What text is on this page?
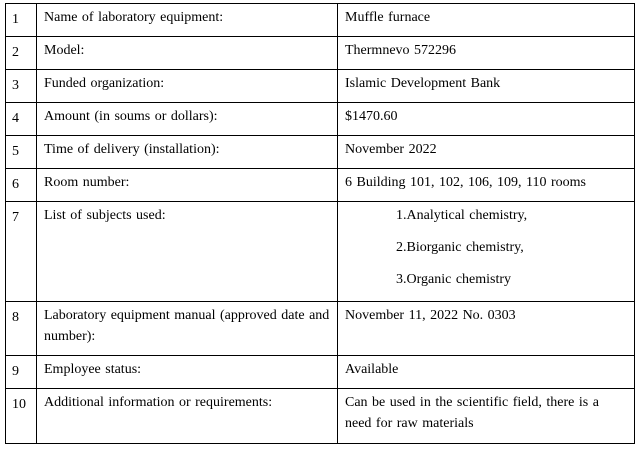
1	Name of laboratory equipment:	Muffle furnace
2	Model:	Thermnevo 572296
3	Funded organization:	Islamic Development Bank
4	Amount (in soums or dollars):	$1470.60
5	Time of delivery (installation):	November 2022
6	Room number:	6 Building 101, 102, 106, 109, 110 rooms
7	List of subjects used:	1.Analytical chemistry,
2.Biorganic chemistry,
3.Organic chemistry

8	Laboratory equipment manual (approved date and number):	November 11, 2022 No. 0303
9	Employee status:	Available
10	Additional information or requirements:	Can be used in the scientific field, there is a need for raw materials
